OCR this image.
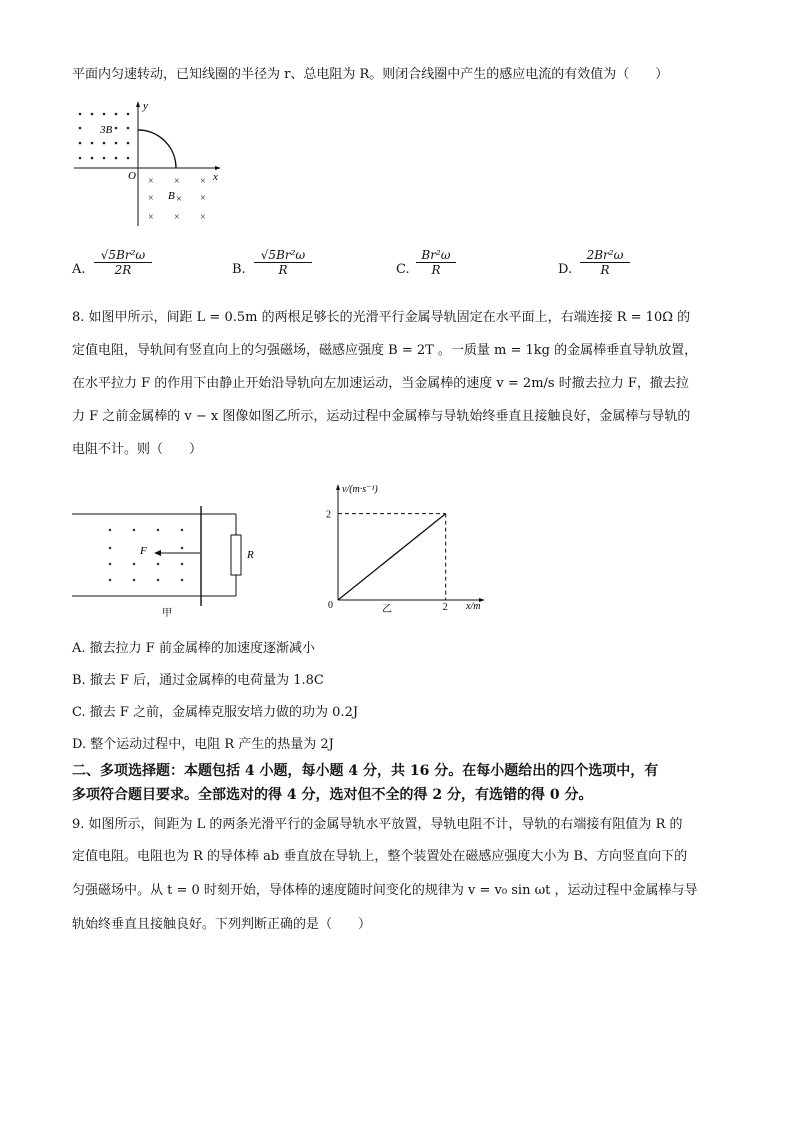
平面内匀速转动，已知线圈的半径为 r、总电阻为 R。则闭合线圈中产生的感应电流的有效值为（　　）
3B
y
x
O × × ×
×	×
× × ×
B ×
A. $\frac{\text{√5Br²ω}}{2R}$	B. $\frac{\text{√5Br²ω}}{R}$	C. $\frac{\text{Br²ω}}{R}$	D. $\frac{\text{2Br²ω}}{R}$
8. 如图甲所示，间距 L = 0.5m 的两根足够长的光滑平行金属导轨固定在水平面上，右端连接 R = 10Ω 的
定值电阻，导轨间有竖直向上的匀强磁场，磁感应强度 B = 2T 。一质量 m = 1kg 的金属棒垂直导轨放置，
在水平拉力 F 的作用下由静止开始沿导轨向左加速运动，当金属棒的速度 v = 2m/s 时撤去拉力 F，撤去拉
力 F 之前金属棒的 v − x 图像如图乙所示，运动过程中金属棒与导轨始终垂直且接触良好，金属棒与导轨的
电阻不计。则（　　）
R
F
甲
v/(m·s⁻¹)
x/m
0
2
2
乙
A. 撤去拉力 F 前金属棒的加速度逐渐减小
B. 撤去 F 后，通过金属棒的电荷量为 1.8C
C. 撤去 F 之前，金属棒克服安培力做的功为 0.2J
D. 整个运动过程中，电阻 R 产生的热量为 2J
二、多项选择题：本题包括 4 小题，每小题 4 分，共 16 分。在每小题给出的四个选项中，有
多项符合题目要求。全部选对的得 4 分，选对但不全的得 2 分，有选错的得 0 分。
9. 如图所示，间距为 L 的两条光滑平行的金属导轨水平放置，导轨电阻不计，导轨的右端接有阻值为 R 的
定值电阻。电阻也为 R 的导体棒 ab 垂直放在导轨上，整个装置处在磁感应强度大小为 B、方向竖直向下的
匀强磁场中。从 t = 0 时刻开始，导体棒的速度随时间变化的规律为 v = v₀ sin ωt ，运动过程中金属棒与导
轨始终垂直且接触良好。下列判断正确的是（　　）
